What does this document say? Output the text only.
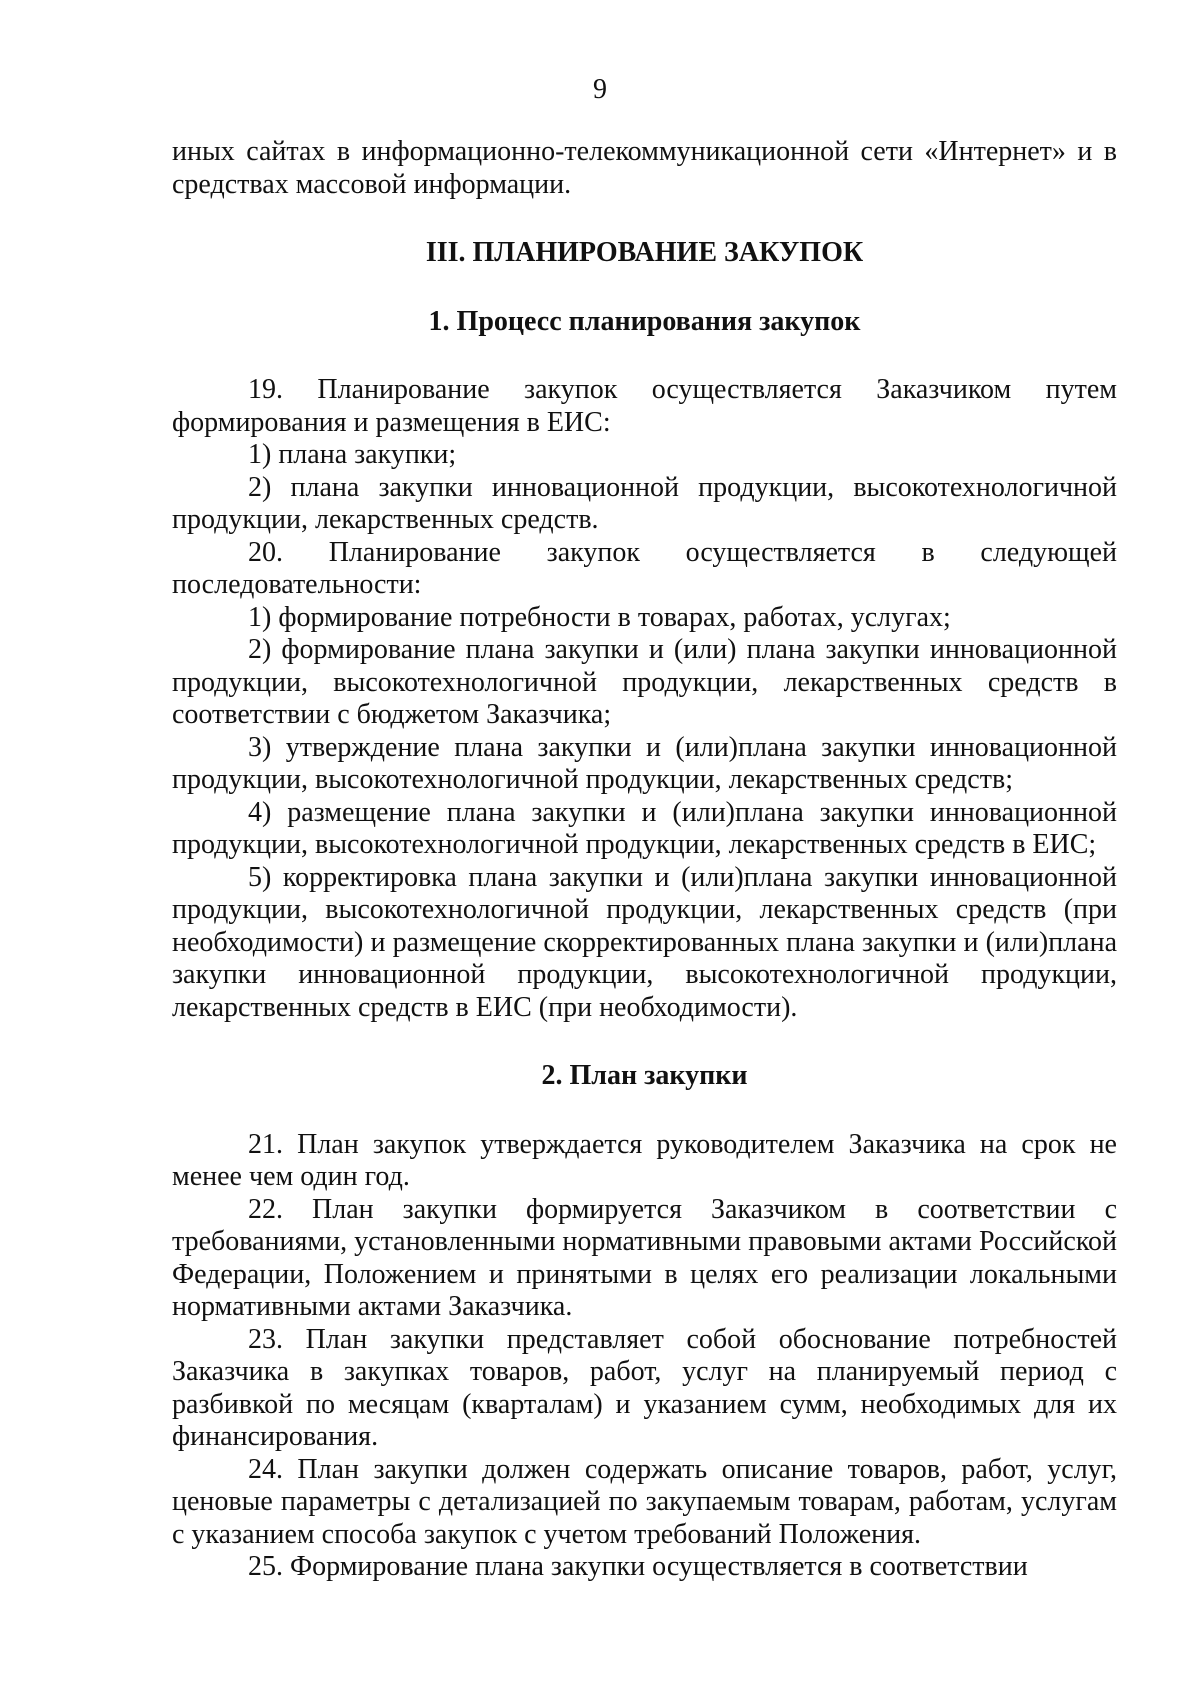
9

иных сайтах в информационно-телекоммуникационной сети «Интернет» и в средствах массовой информации.

III. ПЛАНИРОВАНИЕ ЗАКУПОК

1. Процесс планирования закупок

19. Планирование закупок осуществляется Заказчиком путем формирования и размещения в ЕИС:

1) плана закупки;

2) плана закупки инновационной продукции, высокотехнологичной продукции, лекарственных средств.

20. Планирование закупок осуществляется в следующей последовательности:

1) формирование потребности в товарах, работах, услугах;

2) формирование плана закупки и (или) плана закупки инновационной продукции, высокотехнологичной продукции, лекарственных средств в соответствии с бюджетом Заказчика;

3) утверждение плана закупки и (или)плана закупки инновационной продукции, высокотехнологичной продукции, лекарственных средств;

4) размещение плана закупки и (или)плана закупки инновационной продукции, высокотехнологичной продукции, лекарственных средств в ЕИС;

5) корректировка плана закупки и (или)плана закупки инновационной продукции, высокотехнологичной продукции, лекарственных средств (при необходимости) и размещение скорректированных плана закупки и (или)плана закупки инновационной продукции, высокотехнологичной продукции, лекарственных средств в ЕИС (при необходимости).

2. План закупки

21. План закупок утверждается руководителем Заказчика на срок не менее чем один год.

22. План закупки формируется Заказчиком в соответствии с требованиями, установленными нормативными правовыми актами Российской Федерации, Положением и принятыми в целях его реализации локальными нормативными актами Заказчика.

23. План закупки представляет собой обоснование потребностей Заказчика в закупках товаров, работ, услуг на планируемый период с разбивкой по месяцам (кварталам) и указанием сумм, необходимых для их финансирования.

24. План закупки должен содержать описание товаров, работ, услуг, ценовые параметры с детализацией по закупаемым товарам, работам, услугам с указанием способа закупок с учетом требований Положения.

25. Формирование плана закупки осуществляется в соответствии
